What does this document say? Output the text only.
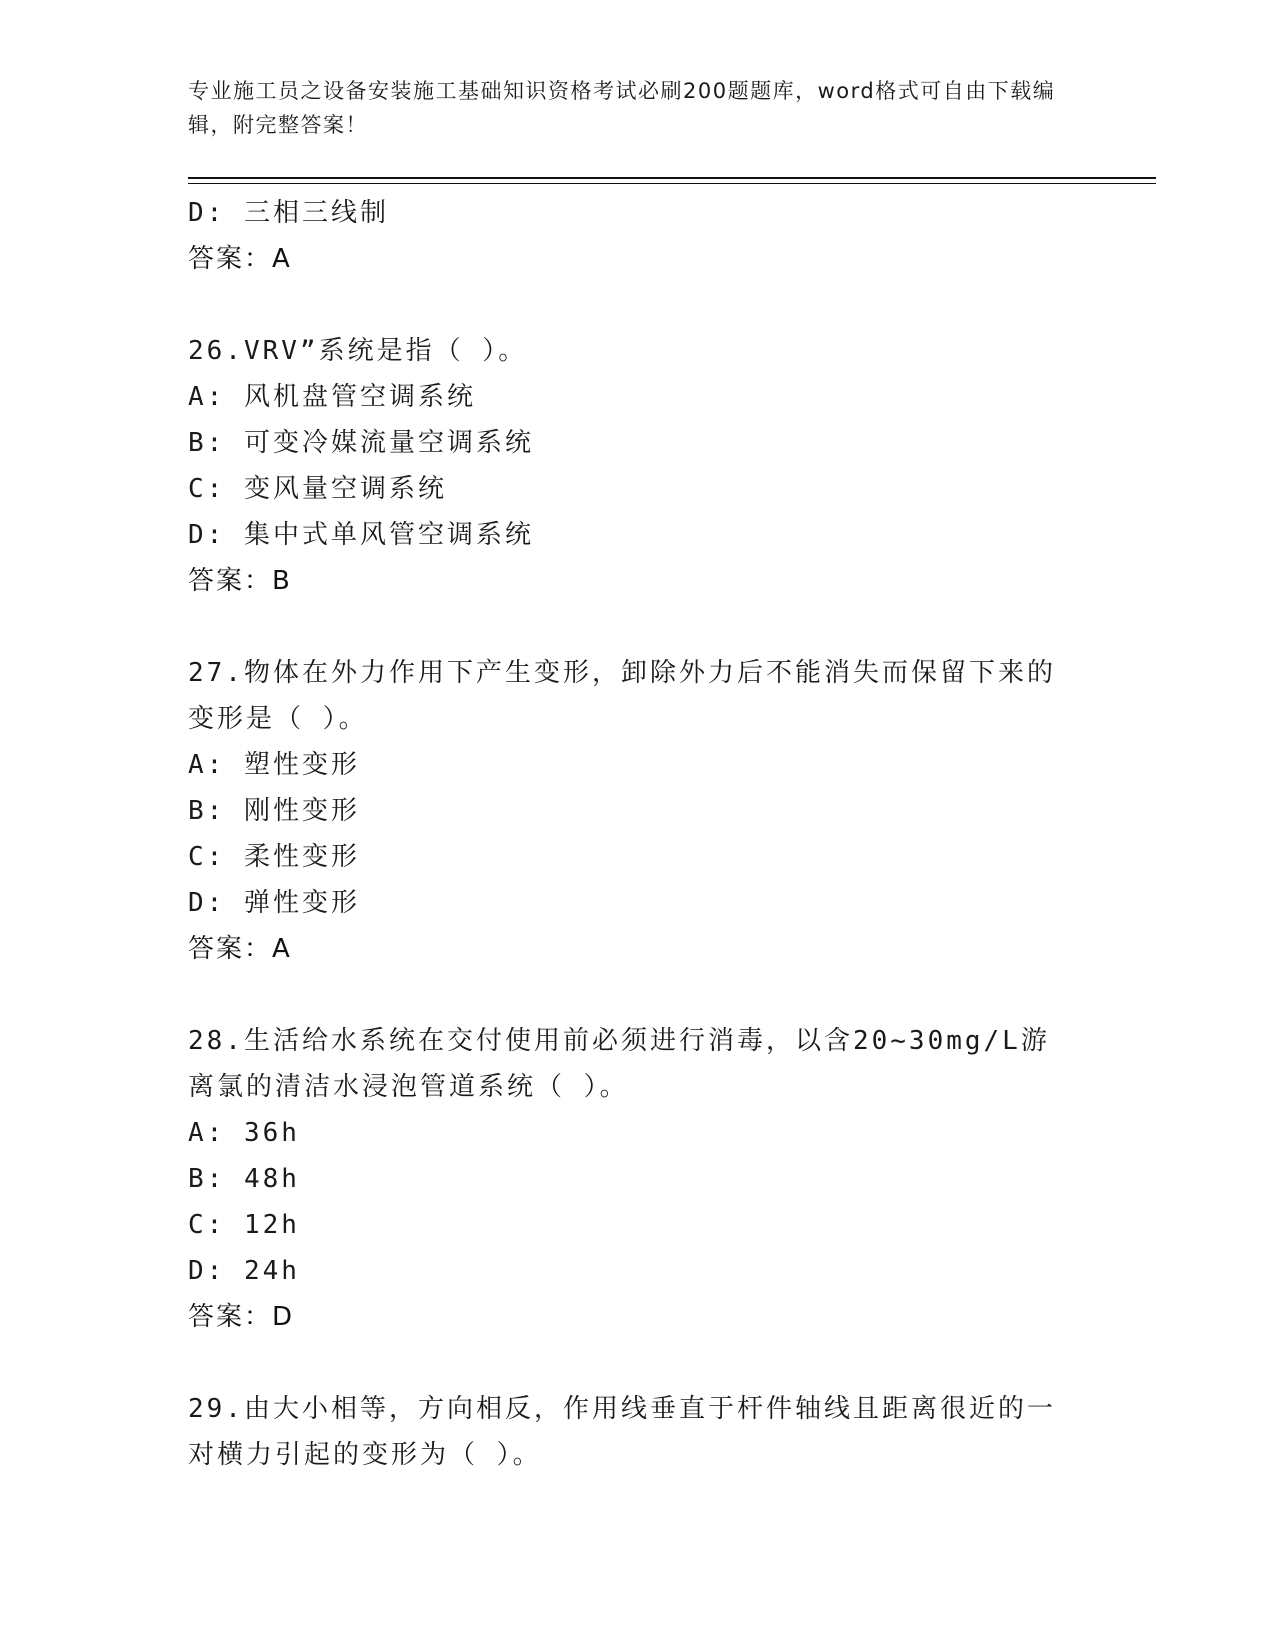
专业施工员之设备安装施工基础知识资格考试必刷200题题库，word格式可自由下载编辑，附完整答案！
D: 三相三线制
答案：A
26.VRV”系统是指（ ）。
A: 风机盘管空调系统
B: 可变冷媒流量空调系统
C: 变风量空调系统
D: 集中式单风管空调系统
答案：B
27.物体在外力作用下产生变形，卸除外力后不能消失而保留下来的变形是（ ）。
A: 塑性变形
B: 刚性变形
C: 柔性变形
D: 弹性变形
答案：A
28.生活给水系统在交付使用前必须进行消毒，以含20~30mg/L游离氯的清洁水浸泡管道系统（ ）。
A: 36h
B: 48h
C: 12h
D: 24h
答案：D
29.由大小相等，方向相反，作用线垂直于杆件轴线且距离很近的一对横力引起的变形为（ ）。
